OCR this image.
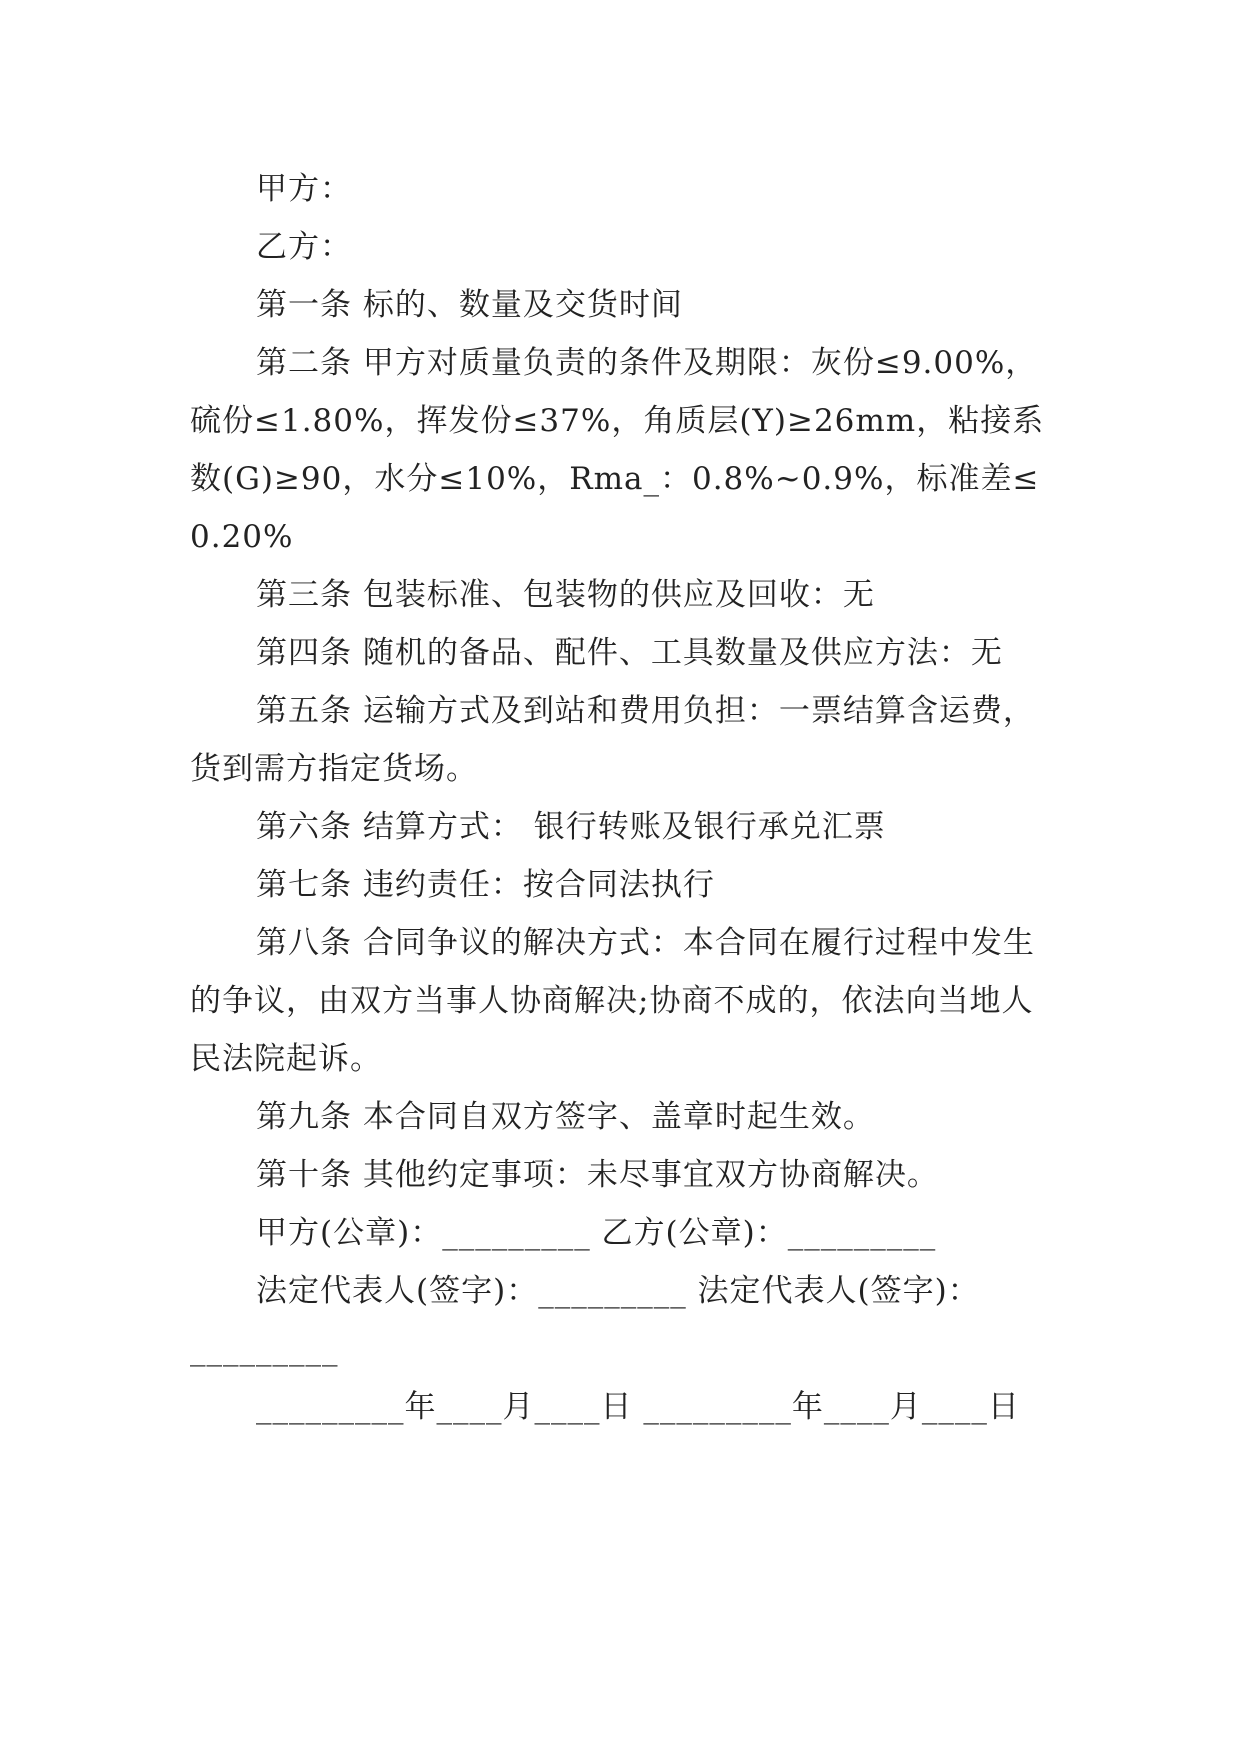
甲方：

乙方：

第一条 标的、数量及交货时间

第二条 甲方对质量负责的条件及期限：灰份≤9.00%，硫份≤1.80%，挥发份≤37%，角质层(Y)≥26mm，粘接系数(G)≥90，水分≤10%，Rma_：0.8%~0.9%，标准差≤0.20%

第三条 包装标准、包装物的供应及回收：无

第四条 随机的备品、配件、工具数量及供应方法：无

第五条 运输方式及到站和费用负担：一票结算含运费，货到需方指定货场。

第六条 结算方式： 银行转账及银行承兑汇票

第七条 违约责任：按合同法执行

第八条 合同争议的解决方式：本合同在履行过程中发生的争议，由双方当事人协商解决;协商不成的，依法向当地人民法院起诉。

第九条 本合同自双方签字、盖章时起生效。

第十条 其他约定事项：未尽事宜双方协商解决。

甲方(公章)：_________ 乙方(公章)：_________

法定代表人(签字)：_________ 法定代表人(签字)：

_________

_________年____月____日 _________年____月____日
